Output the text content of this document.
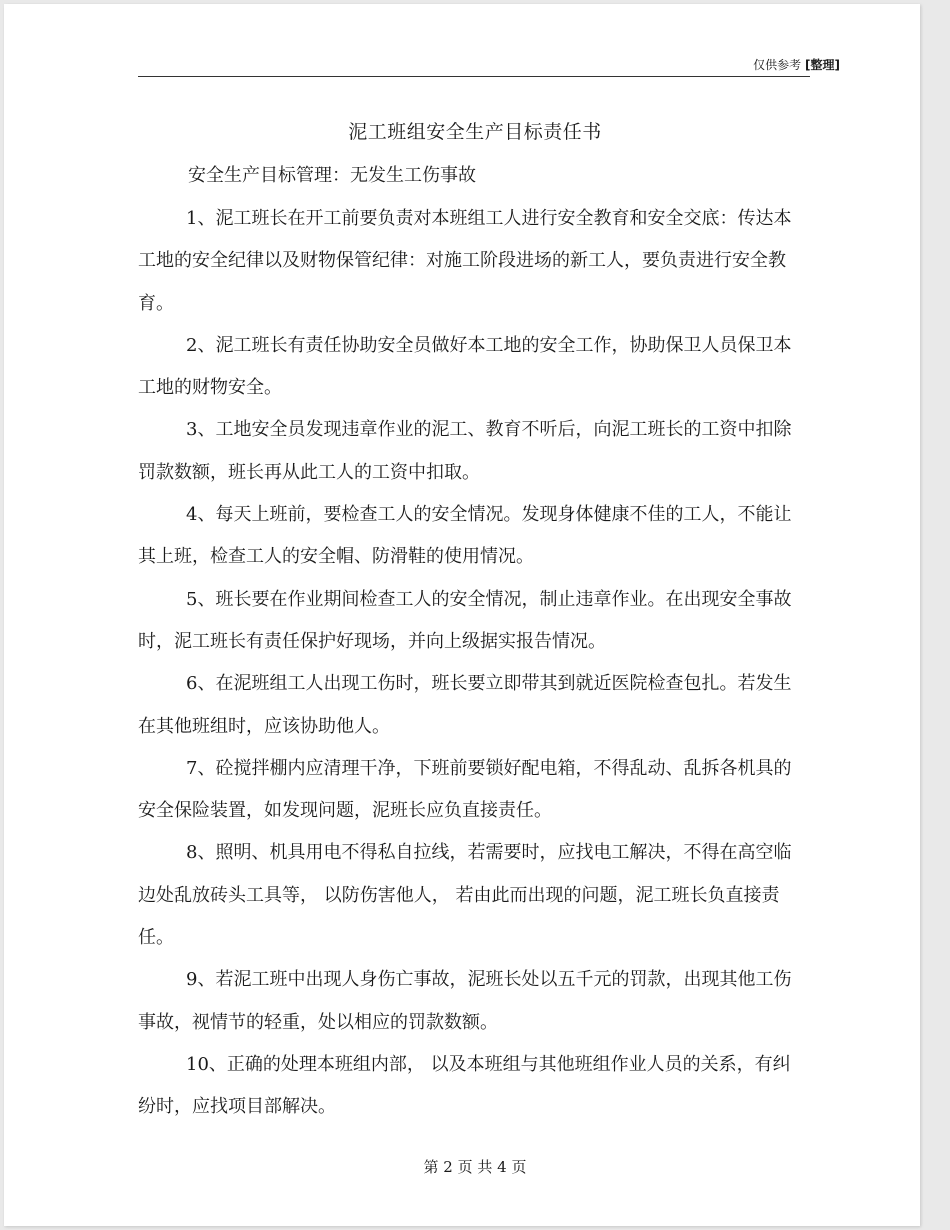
仅供参考 [整理]
泥工班组安全生产目标责任书
安全生产目标管理：无发生工伤事故

1、泥工班长在开工前要负责对本班组工人进行安全教育和安全交底：传达本工地的安全纪律以及财物保管纪律：对施工阶段进场的新工人，要负责进行安全教育。

2、泥工班长有责任协助安全员做好本工地的安全工作，协助保卫人员保卫本工地的财物安全。

3、工地安全员发现违章作业的泥工、教育不听后，向泥工班长的工资中扣除罚款数额，班长再从此工人的工资中扣取。

4、每天上班前，要检查工人的安全情况。发现身体健康不佳的工人，不能让其上班，检查工人的安全帽、防滑鞋的使用情况。

5、班长要在作业期间检查工人的安全情况，制止违章作业。在出现安全事故时，泥工班长有责任保护好现场，并向上级据实报告情况。

6、在泥班组工人出现工伤时，班长要立即带其到就近医院检查包扎。若发生在其他班组时，应该协助他人。

7、砼搅拌棚内应清理干净，下班前要锁好配电箱，不得乱动、乱拆各机具的安全保险装置，如发现问题，泥班长应负直接责任。

8、照明、机具用电不得私自拉线，若需要时，应找电工解决，不得在高空临边处乱放砖头工具等， 以防伤害他人， 若由此而出现的问题，泥工班长负直接责任。

9、若泥工班中出现人身伤亡事故，泥班长处以五千元的罚款，出现其他工伤事故，视情节的轻重，处以相应的罚款数额。

10、正确的处理本班组内部， 以及本班组与其他班组作业人员的关系，有纠纷时，应找项目部解决。

第 2 页 共 4 页
